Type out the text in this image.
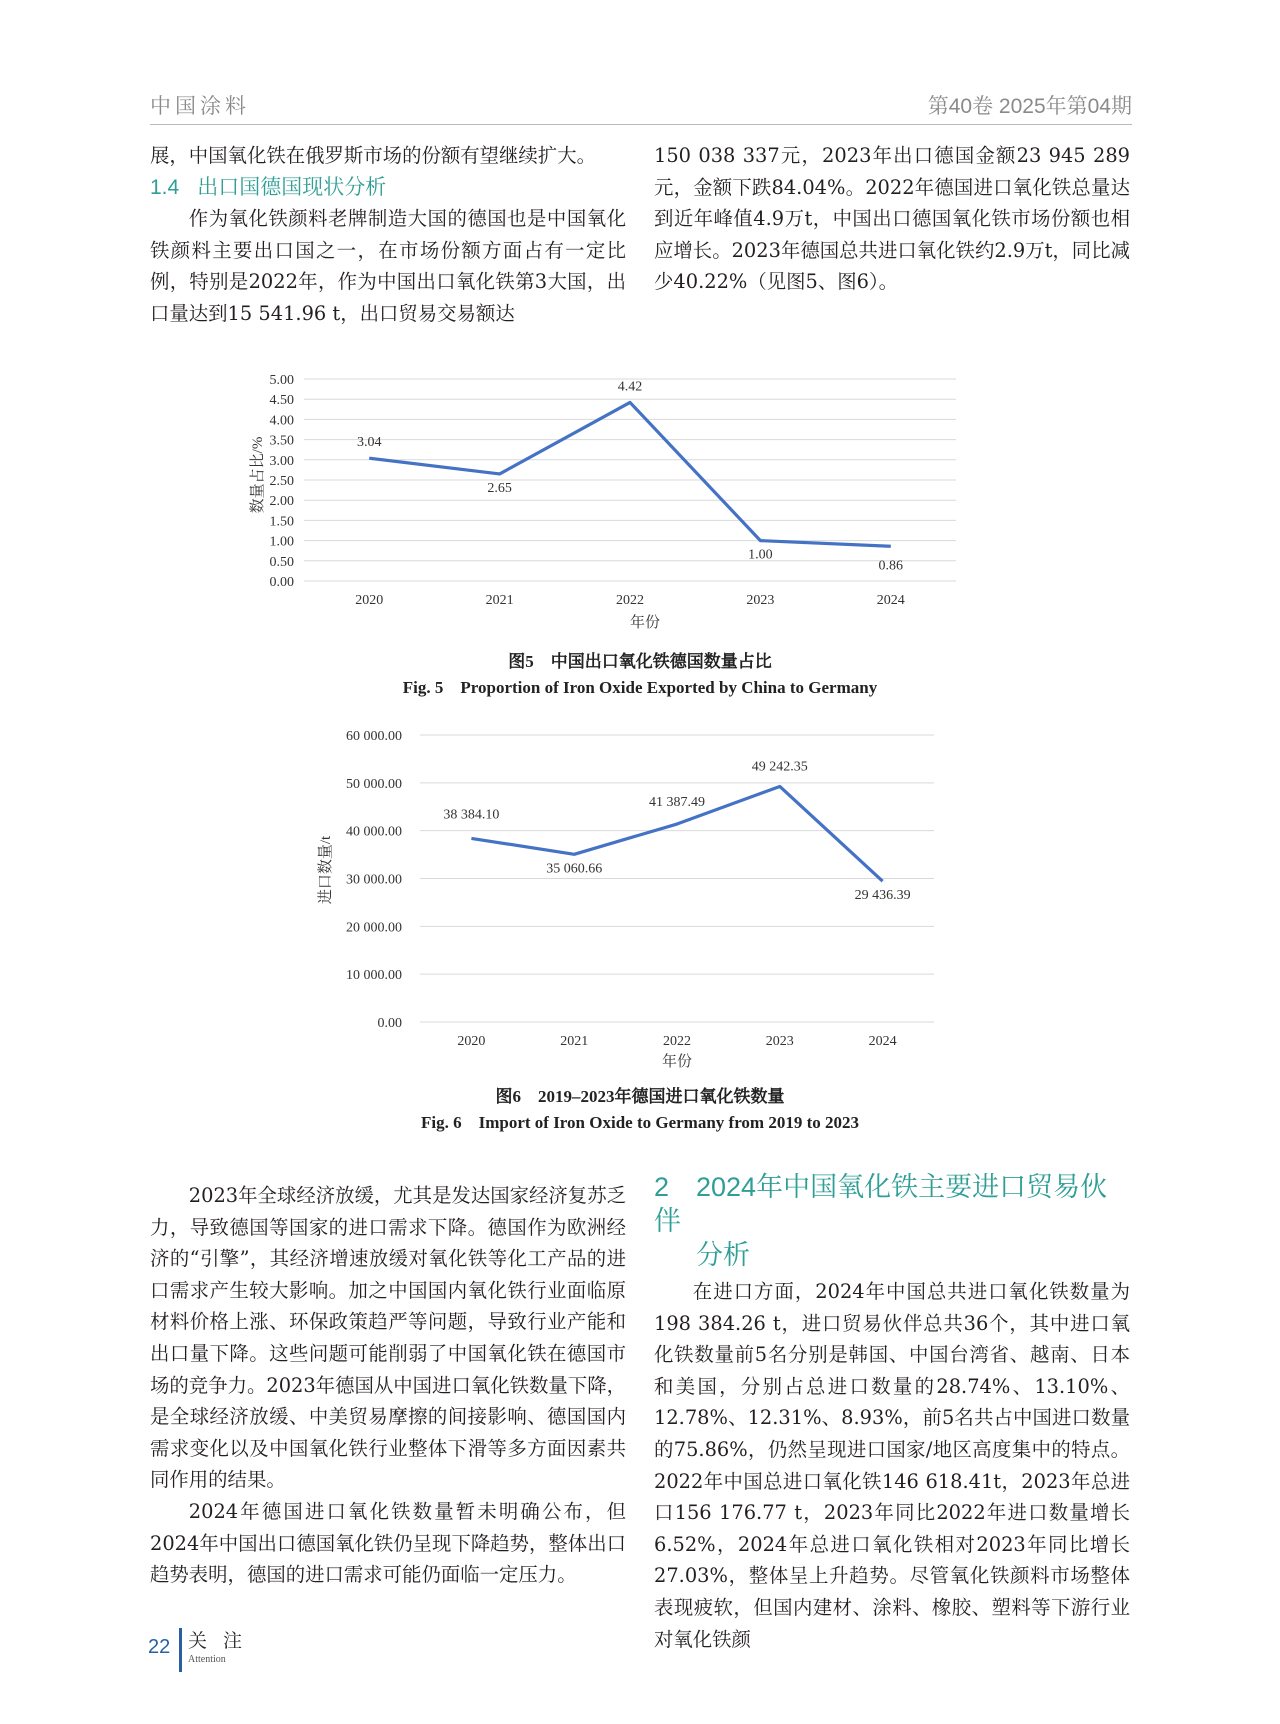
中国涂料	第40卷 2025年第04期

展，中国氧化铁在俄罗斯市场的份额有望继续扩大。

1.4 出口国德国现状分析

作为氧化铁颜料老牌制造大国的德国也是中国氧化铁颜料主要出口国之一，在市场份额方面占有一定比例，特别是2022年，作为中国出口氧化铁第3大国，出口量达到15 541.96 t，出口贸易交易额达

150 038 337元，2023年出口德国金额23 945 289元，金额下跌84.04%。2022年德国进口氧化铁总量达到近年峰值4.9万t，中国出口德国氧化铁市场份额也相应增长。2023年德国总共进口氧化铁约2.9万t，同比减少40.22%（见图5、图6）。

0.00
0.50
1.00
1.50
2.00
2.50
3.00
3.50
4.00
4.50
5.00
2020	2021	2022	2023	2024
3.04
2.65
4.42
1.00
0.86
年份
数量占比/%
图5　中国出口氧化铁德国数量占比
Fig. 5　Proportion of Iron Oxide Exported by China to Germany
0.00
10 000.00
20 000.00
30 000.00
40 000.00
50 000.00
60 000.00
2020	2021	2022	2023	2024
38 384.10
35 060.66
41 387.49
49 242.35
29 436.39
年份
进口数量/t
图6　2019–2023年德国进口氧化铁数量
Fig. 6　Import of Iron Oxide to Germany from 2019 to 2023

2023年全球经济放缓，尤其是发达国家经济复苏乏力，导致德国等国家的进口需求下降。德国作为欧洲经济的“引擎”，其经济增速放缓对氧化铁等化工产品的进口需求产生较大影响。加之中国国内氧化铁行业面临原材料价格上涨、环保政策趋严等问题，导致行业产能和出口量下降。这些问题可能削弱了中国氧化铁在德国市场的竞争力。2023年德国从中国进口氧化铁数量下降，是全球经济放缓、中美贸易摩擦的间接影响、德国国内需求变化以及中国氧化铁行业整体下滑等多方面因素共同作用的结果。

2024年德国进口氧化铁数量暂未明确公布，但2024年中国出口德国氧化铁仍呈现下降趋势，整体出口趋势表明，德国的进口需求可能仍面临一定压力。

2 2024年中国氧化铁主要进口贸易伙伴
分析

在进口方面，2024年中国总共进口氧化铁数量为198 384.26 t，进口贸易伙伴总共36个，其中进口氧化铁数量前5名分别是韩国、中国台湾省、越南、日本和美国，分别占总进口数量的28.74%、13.10%、12.78%、12.31%、8.93%，前5名共占中国进口数量的75.86%，仍然呈现进口国家/地区高度集中的特点。2022年中国总进口氧化铁146 618.41t，2023年总进口156 176.77 t，2023年同比2022年进口数量增长6.52%，2024年总进口氧化铁相对2023年同比增长27.03%，整体呈上升趋势。尽管氧化铁颜料市场整体表现疲软，但国内建材、涂料、橡胶、塑料等下游行业对氧化铁颜

22 关注
Attention
